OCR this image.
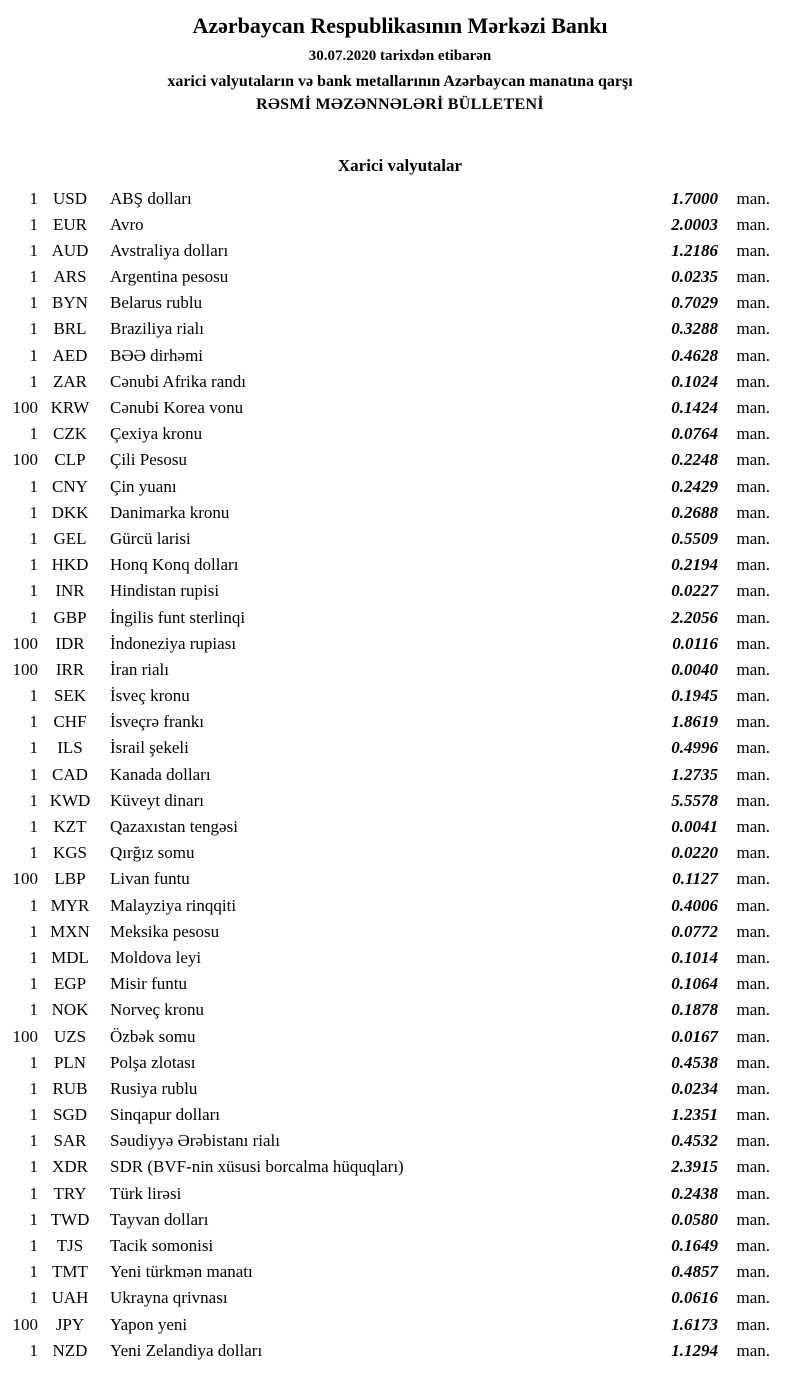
Azərbaycan Respublikasının Mərkəzi Bankı
30.07.2020 tarixdən etibarən
xarici valyutaların və bank metallarının Azərbaycan manatına qarşı
RƏSMİ MƏZƏNNƏLƏRİ BÜLLETENİ
Xarici valyutalar
1 USD	ABŞ dolları	1.7000	man.
1 EUR	Avro	2.0003	man.
1 AUD	Avstraliya dolları	1.2186	man.
1 ARS	Argentina pesosu	0.0235	man.
1 BYN	Belarus rublu	0.7029	man.
1 BRL	Braziliya rialı	0.3288	man.
1 AED	BƏƏ dirhəmi	0.4628	man.
1 ZAR	Cənubi Afrika randı	0.1024	man.
100 KRW	Cənubi Korea vonu	0.1424	man.
1 CZK	Çexiya kronu	0.0764	man.
100 CLP	Çili Pesosu	0.2248	man.
1 CNY	Çin yuanı	0.2429	man.
1 DKK	Danimarka kronu	0.2688	man.
1 GEL	Gürcü larisi	0.5509	man.
1 HKD	Honq Konq dolları	0.2194	man.
1	INR	Hindistan rupisi	0.0227	man.
1 GBP	İngilis funt sterlinqi	2.2056	man.
100	IDR	İndoneziya rupiası	0.0116	man.
100	IRR	İran rialı	0.0040	man.
1 SEK	İsveç kronu	0.1945	man.
1 CHF	İsveçrə frankı	1.8619	man.
1	ILS	İsrail şekeli	0.4996	man.
1 CAD	Kanada dolları	1.2735	man.
1 KWD	Küveyt dinarı	5.5578	man.
1 KZT	Qazaxıstan tengəsi	0.0041	man.
1 KGS	Qırğız somu	0.0220	man.
100 LBP	Livan funtu	0.1127	man.
1 MYR	Malayziya rinqqiti	0.4006	man.
1 MXN	Meksika pesosu	0.0772	man.
1 MDL	Moldova leyi	0.1014	man.
1 EGP	Misir funtu	0.1064	man.
1 NOK	Norveç kronu	0.1878	man.
100 UZS	Özbək somu	0.0167	man.
1 PLN	Polşa zlotası	0.4538	man.
1 RUB	Rusiya rublu	0.0234	man.
1 SGD	Sinqapur dolları	1.2351	man.
1 SAR	Səudiyyə Ərəbistanı rialı	0.4532	man.
1 XDR	SDR (BVF-nin xüsusi borcalma hüquqları)	2.3915	man.
1 TRY	Türk lirəsi	0.2438	man.
1 TWD	Tayvan dolları	0.0580	man.
1	TJS	Tacik somonisi	0.1649	man.
1 TMT	Yeni türkmən manatı	0.4857	man.
1 UAH	Ukrayna qrivnası	0.0616	man.
100	JPY	Yapon yeni	1.6173	man.
1 NZD	Yeni Zelandiya dolları	1.1294	man.
